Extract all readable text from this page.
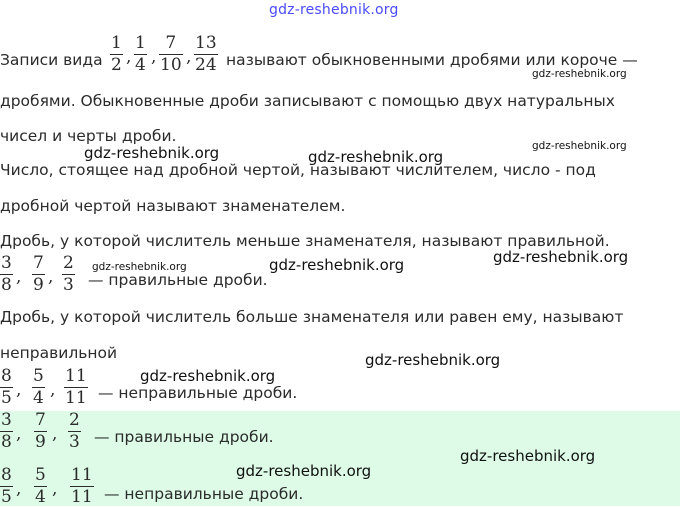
gdz-reshebnik.org
Записи вида
1
2 ,
1
4 ,
7
10 ,
13
24 называют обыкновенными дробями или короче —
gdz-reshebnik.org
дробями. Обыкновенные дроби записывают с помощью двух натуральных
чисел и черты дроби.
gdz-reshebnik.org
gdz-reshebnik.org	gdz-reshebnik.org
Число, стоящее над дробной чертой, называют числителем, число - под
дробной чертой называют знаменателем.
Дробь, у которой числитель меньше знаменателя, называют правильной.
3
8 ,
7
9 ,
2
3 — правильные дроби.
gdz-reshebnik.org	gdz-reshebnik.org	gdz-reshebnik.org
Дробь, у которой числитель больше знаменателя или равен ему, называют
неправильной	gdz-reshebnik.org
8
5 ,
5
4 ,
11
11 — неправильные дроби.
gdz-reshebnik.org
3
8 ,
7
9 ,
2
3 — правильные дроби.
gdz-reshebnik.org
gdz-reshebnik.org
8
5 ,
5
4 ,
11
11 — неправильные дроби.
